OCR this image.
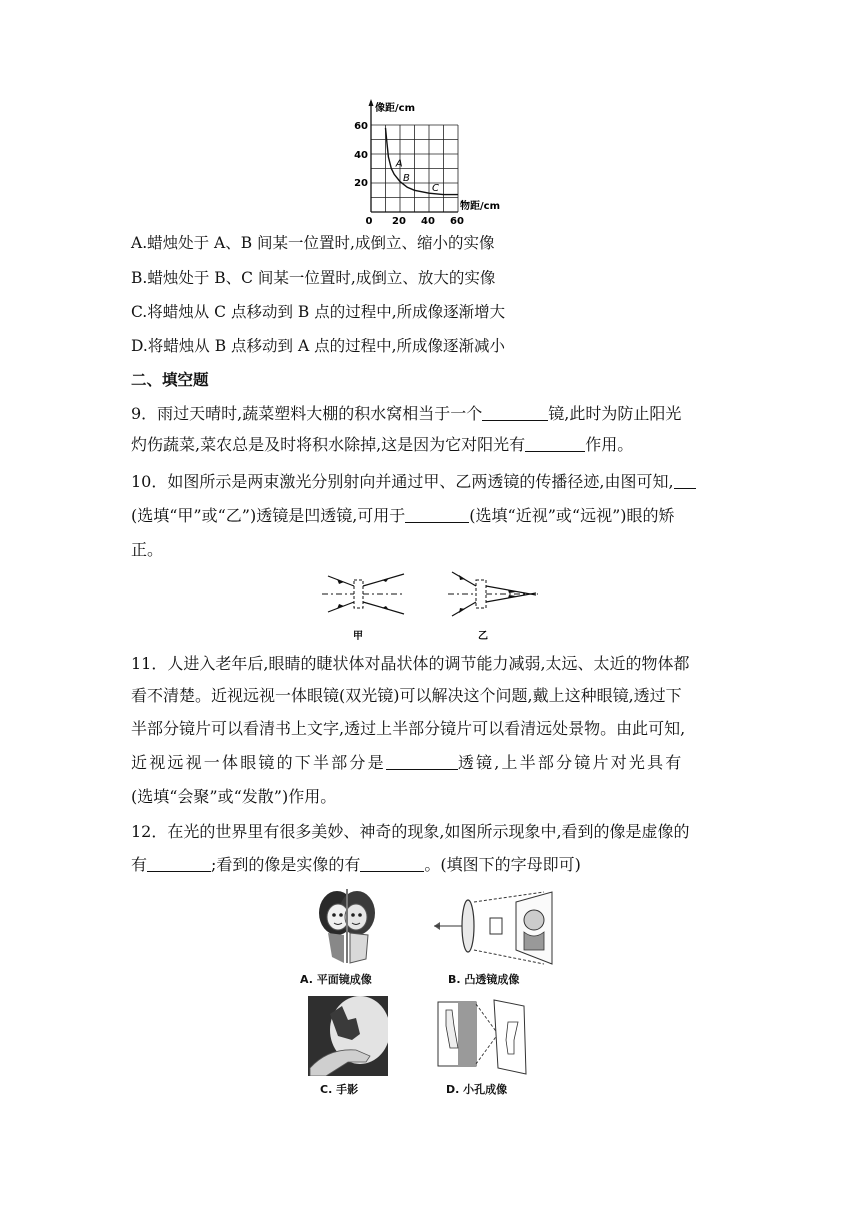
像距/cm
物距/cm
60
40
20
0 20 40 60
A
B
C
A.蜡烛处于 A、B 间某一位置时,成倒立、缩小的实像
B.蜡烛处于 B、C 间某一位置时,成倒立、放大的实像
C.将蜡烛从 C 点移动到 B 点的过程中,所成像逐渐增大
D.将蜡烛从 B 点移动到 A 点的过程中,所成像逐渐减小
二、填空题
9．雨过天晴时,蔬菜塑料大棚的积水窝相当于一个	镜,此时为防止阳光
灼伤蔬菜,菜农总是及时将积水除掉,这是因为它对阳光有	作用。
10．如图所示是两束激光分别射向并通过甲、乙两透镜的传播径迹,由图可知,
(选填“甲”或“乙”)透镜是凹透镜,可用于	(选填“近视”或“远视”)眼的矫
正。
甲	乙
11．人进入老年后,眼睛的睫状体对晶状体的调节能力减弱,太远、太近的物体都
看不清楚。近视远视一体眼镜(双光镜)可以解决这个问题,戴上这种眼镜,透过下
半部分镜片可以看清书上文字,透过上半部分镜片可以看清远处景物。由此可知,
近视远视一体眼镜的下半部分是	透镜,上半部分镜片对光具有
(选填“会聚”或“发散”)作用。
12．在光的世界里有很多美妙、神奇的现象,如图所示现象中,看到的像是虚像的
有	;看到的像是实像的有	。(填图下的字母即可)
A. 平面镜成像	B. 凸透镜成像
C. 手影	D. 小孔成像
